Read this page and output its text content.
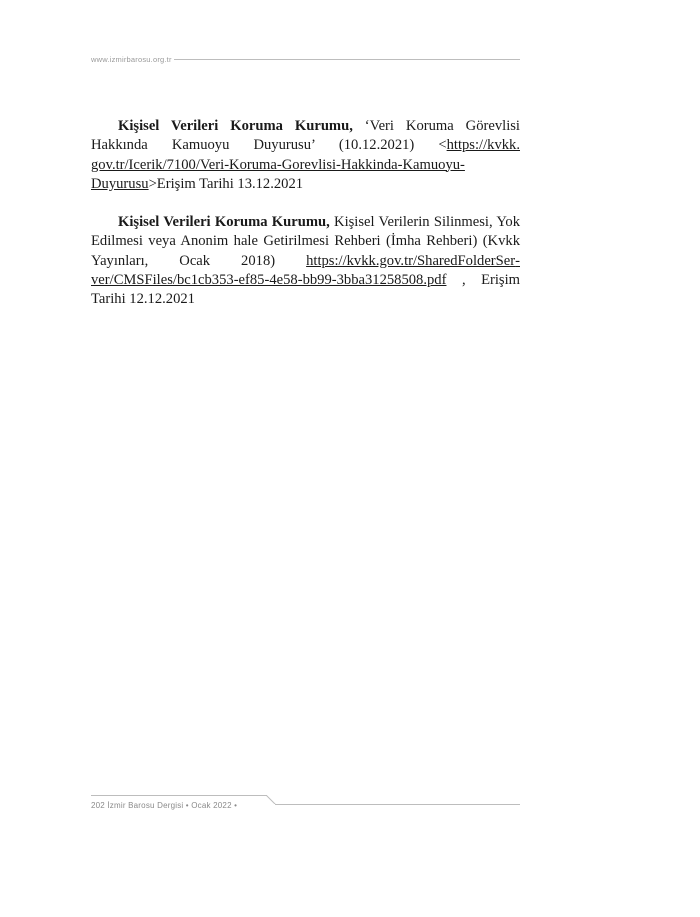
www.izmirbarosu.org.tr

Kişisel Verileri Koruma Kurumu, ‘Veri Koruma Görevlisi Hakkında Kamuoyu Duyurusu’ (10.12.2021) <https://kvkk.​gov.tr/Icerik/7100/Veri-Koruma-Gorevlisi-Hakkinda-Kamuoyu-​Duyurusu>Erişim Tarihi 13.12.2021

Kişisel Verileri Koruma Kurumu, Kişisel Verilerin Silinmesi, Yok Edilmesi veya Anonim hale Getirilmesi Rehberi (İmha Rehberi) (Kvkk Yayınları, Ocak 2018) https://kvkk.gov.tr/SharedFolderServer/CMSFiles/bc1cb353-ef85-4e58-bb99-3bba31258508.pdf , Erişim Tarihi 12.12.2021

202 İzmir Barosu Dergisi • Ocak 2022 •
